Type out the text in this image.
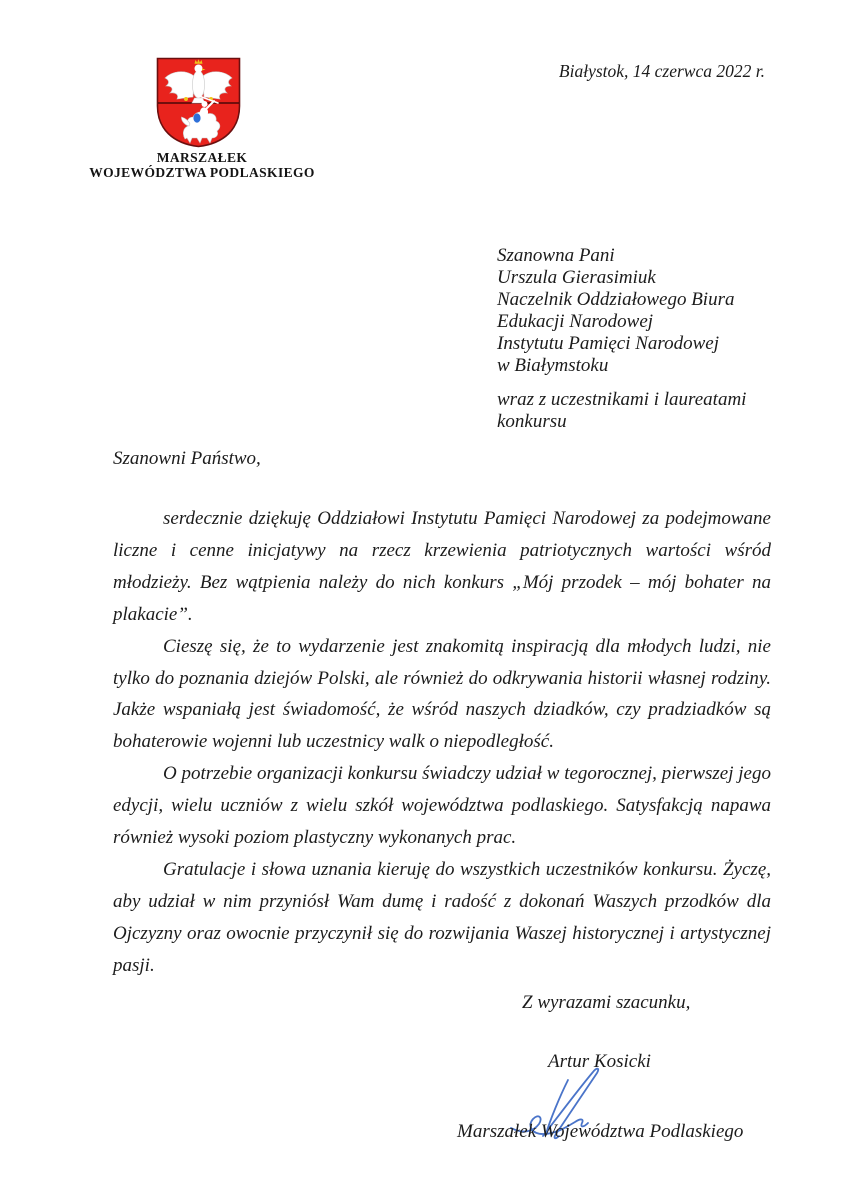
MARSZAŁEK
WOJEWÓDZTWA PODLASKIEGO
Białystok, 14 czerwca 2022 r.
Szanowna Pani
Urszula Gierasimiuk
Naczelnik Oddziałowego Biura
Edukacji Narodowej
Instytutu Pamięci Narodowej
w Białymstoku
wraz z uczestnikami i laureatami
konkursu
Szanowni Państwo,

serdecznie dziękuję Oddziałowi Instytutu Pamięci Narodowej za podejmowane liczne i cenne inicjatywy na rzecz krzewienia patriotycznych wartości wśród młodzieży. Bez wątpienia należy do nich konkurs „Mój przodek – mój bohater na plakacie”.

Cieszę się, że to wydarzenie jest znakomitą inspiracją dla młodych ludzi, nie tylko do poznania dziejów Polski, ale również do odkrywania historii własnej rodziny. Jakże wspaniałą jest świadomość, że wśród naszych dziadków, czy pradziadków są bohaterowie wojenni lub uczestnicy walk o niepodległość.

O potrzebie organizacji konkursu świadczy udział w tegorocznej, pierwszej jego edycji, wielu uczniów z wielu szkół województwa podlaskiego. Satysfakcją napawa również wysoki poziom plastyczny wykonanych prac.

Gratulacje i słowa uznania kieruję do wszystkich uczestników konkursu. Życzę, aby udział w nim przyniósł Wam dumę i radość z dokonań Waszych przodków dla Ojczyzny oraz owocnie przyczynił się do rozwijania Waszej historycznej i artystycznej pasji.

Z wyrazami szacunku,
Artur Kosicki
Marszałek Województwa Podlaskiego
